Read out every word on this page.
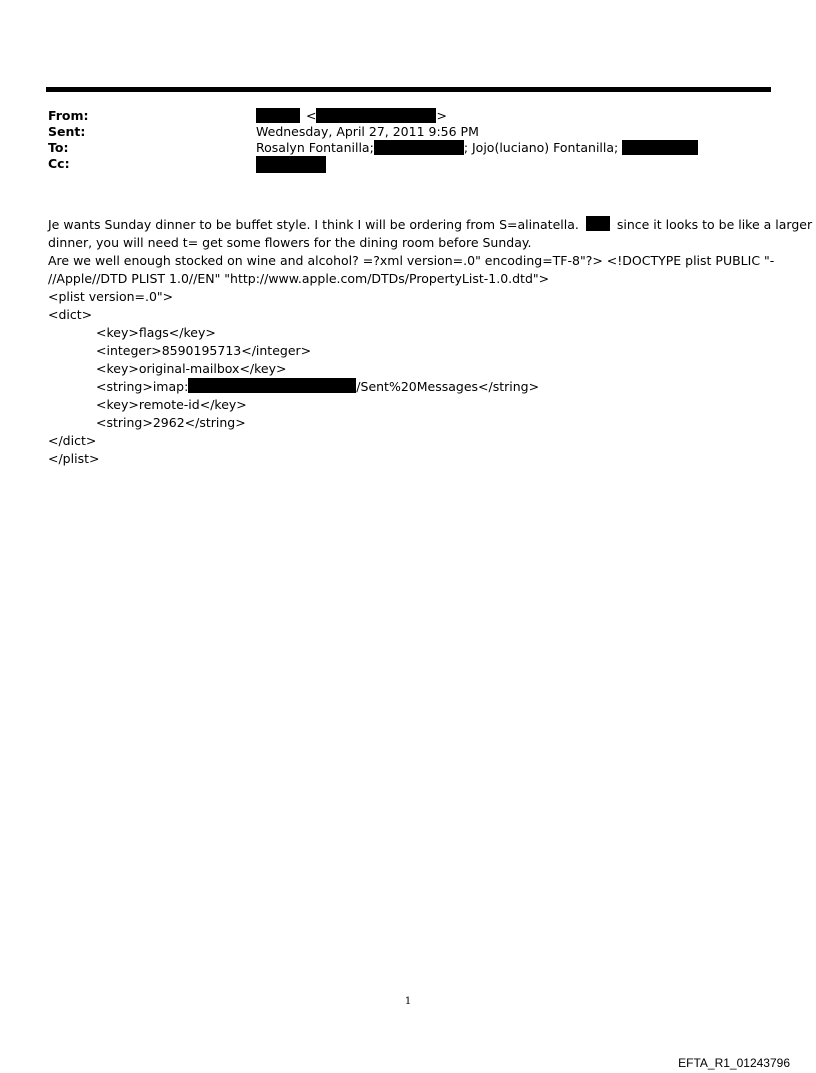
From:	<	>
Sent:	Wednesday, April 27, 2011 9:56 PM
To:	Rosalyn Fontanilla;	; Jojo(luciano) Fontanilla;
Cc:
Je wants Sunday dinner to be buffet style. I think I will be ordering from S=alinatella.	since it looks to be like a larger
dinner, you will need t= get some flowers for the dining room before Sunday.
Are we well enough stocked on wine and alcohol? =?xml version=.0" encoding=TF-8"?> <!DOCTYPE plist PUBLIC "-
//Apple//DTD PLIST 1.0//EN" "http://www.apple.com/DTDs/PropertyList-1.0.dtd">
<plist version=.0">
<dict>
<key>flags</key>
<integer>8590195713</integer>
<key>original-mailbox</key>
<string>imap:	/Sent%20Messages</string>
<key>remote-id</key>
<string>2962</string>
</dict>
</plist>
1
EFTA_R1_01243796
